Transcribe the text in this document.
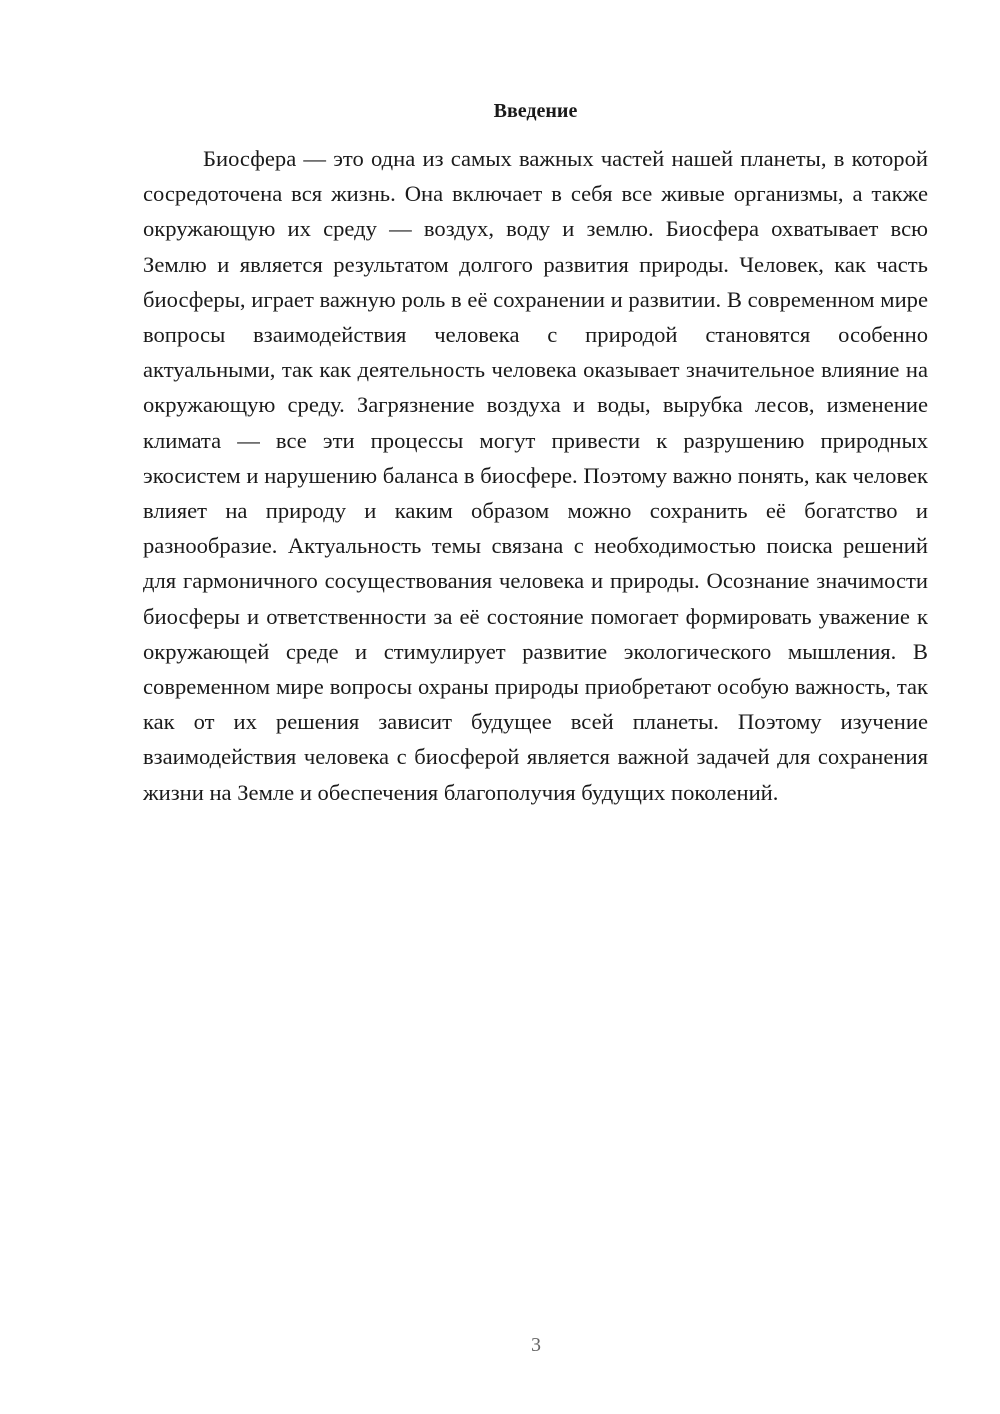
Введение

Биосфера — это одна из самых важных частей нашей планеты, в которой сосредоточена вся жизнь. Она включает в себя все живые организмы, а также окружающую их среду — воздух, воду и землю. Биосфера охватывает всю Землю и является результатом долгого развития природы. Человек, как часть биосферы, играет важную роль в её сохранении и развитии. В современном мире вопросы взаимодействия человека с природой становятся особенно актуальными, так как деятельность человека оказывает значительное влияние на окружающую среду. Загрязнение воздуха и воды, вырубка лесов, изменение климата — все эти процессы могут привести к разрушению природных экосистем и нарушению баланса в биосфере. Поэтому важно понять, как человек влияет на природу и каким образом можно сохранить её богатство и разнообразие. Актуальность темы связана с необходимостью поиска решений для гармоничного сосуществования человека и природы. Осознание значимости биосферы и ответственности за её состояние помогает формировать уважение к окружающей среде и стимулирует развитие экологического мышления. В современном мире вопросы охраны природы приобретают особую важность, так как от их решения зависит будущее всей планеты. Поэтому изучение взаимодействия человека с биосферой является важной задачей для сохранения жизни на Земле и обеспечения благополучия будущих поколений.

3
